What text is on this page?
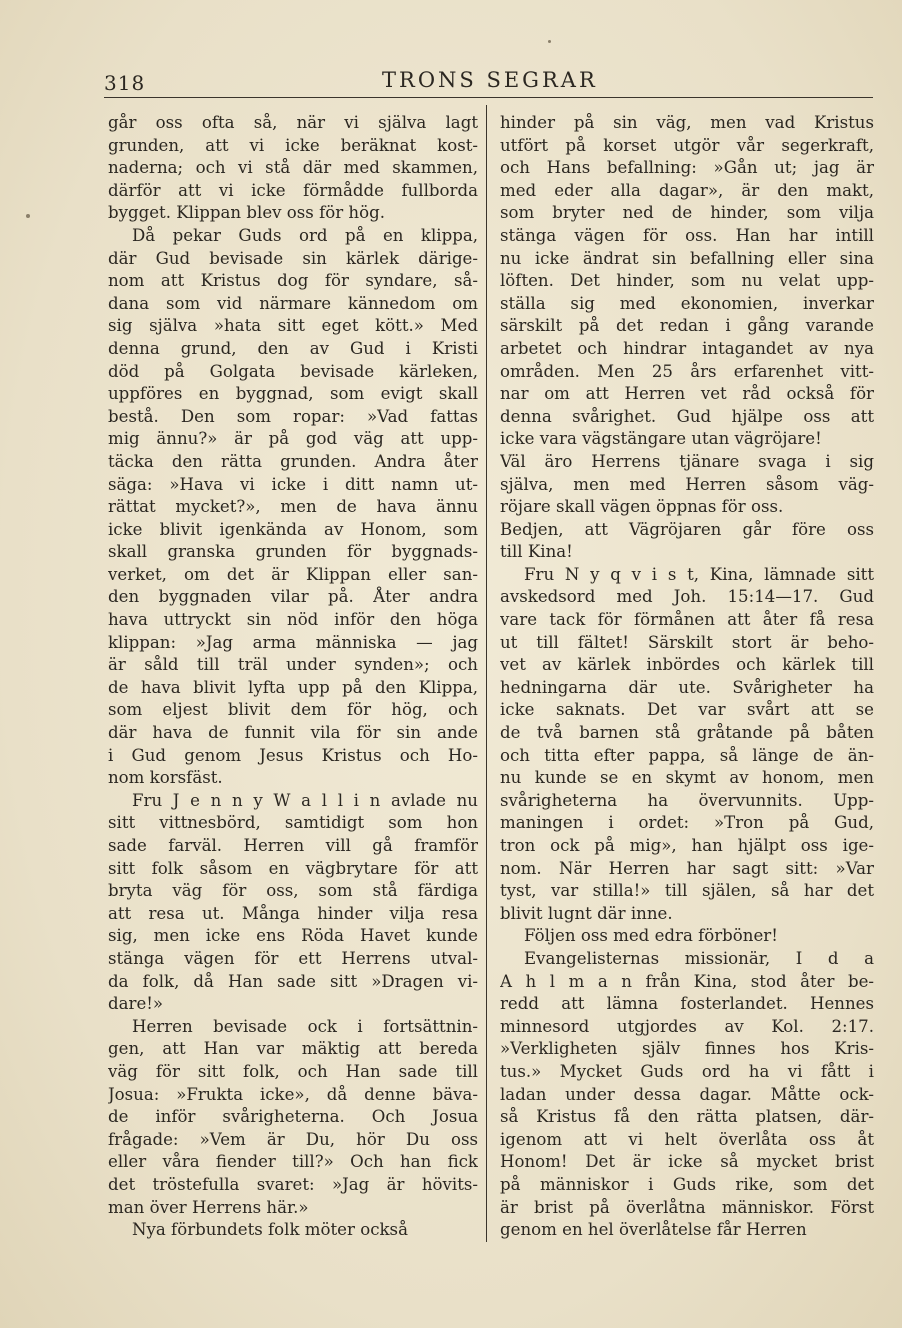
318	TRONS SEGRAR
går oss ofta så, när vi själva lagt
grunden, att vi icke beräknat kost-
naderna; och vi stå där med skammen,
därför att vi icke förmådde fullborda
bygget. Klippan blev oss för hög.
Då pekar Guds ord på en klippa,
där Gud bevisade sin kärlek därige-
nom att Kristus dog för syndare, så-
dana som vid närmare kännedom om
sig själva »hata sitt eget kött.» Med
denna grund, den av Gud i Kristi
död på Golgata bevisade kärleken,
uppföres en byggnad, som evigt skall
bestå. Den som ropar: »Vad fattas
mig ännu?» är på god väg att upp-
täcka den rätta grunden. Andra åter
säga: »Hava vi icke i ditt namn ut-
rättat mycket?», men de hava ännu
icke blivit igenkända av Honom, som
skall granska grunden för byggnads-
verket, om det är Klippan eller san-
den byggnaden vilar på. Åter andra
hava uttryckt sin nöd inför den höga
klippan: »Jag arma människa — jag
är såld till träl under synden»; och
de hava blivit lyfta upp på den Klippa,
som eljest blivit dem för hög, och
där hava de funnit vila för sin ande
i Gud genom Jesus Kristus och Ho-
nom korsfäst.
Fru J e n n y W a l l i n avlade nu
sitt vittnesbörd, samtidigt som hon
sade farväl. Herren vill gå framför
sitt folk såsom en vägbrytare för att
bryta väg för oss, som stå färdiga
att resa ut. Många hinder vilja resa
sig, men icke ens Röda Havet kunde
stänga vägen för ett Herrens utval-
da folk, då Han sade sitt »Dragen vi-
dare!»
Herren bevisade ock i fortsättnin-
gen, att Han var mäktig att bereda
väg för sitt folk, och Han sade till
Josua: »Frukta icke», då denne bäva-
de inför svårigheterna. Och Josua
frågade: »Vem är Du, hör Du oss
eller våra fiender till?» Och han fick
det tröstefulla svaret: »Jag är hövits-
man över Herrens här.»
Nya förbundets folk möter också
hinder på sin väg, men vad Kristus
utfört på korset utgör vår segerkraft,
och Hans befallning: »Gån ut; jag är
med eder alla dagar», är den makt,
som bryter ned de hinder, som vilja
stänga vägen för oss. Han har intill
nu icke ändrat sin befallning eller sina
löften. Det hinder, som nu velat upp-
ställa sig med ekonomien, inverkar
särskilt på det redan i gång varande
arbetet och hindrar intagandet av nya
områden. Men 25 års erfarenhet vitt-
nar om att Herren vet råd också för
denna svårighet. Gud hjälpe oss att
icke vara vägstängare utan vägröjare!
Väl äro Herrens tjänare svaga i sig
själva, men med Herren såsom väg-
röjare skall vägen öppnas för oss.
Bedjen, att Vägröjaren går före oss
till Kina!
Fru N y q v i s t, Kina, lämnade sitt
avskedsord med Joh. 15:14—17. Gud
vare tack för förmånen att åter få resa
ut till fältet! Särskilt stort är beho-
vet av kärlek inbördes och kärlek till
hedningarna där ute. Svårigheter ha
icke saknats. Det var svårt att se
de två barnen stå gråtande på båten
och titta efter pappa, så länge de än-
nu kunde se en skymt av honom, men
svårigheterna ha övervunnits. Upp-
maningen i ordet: »Tron på Gud,
tron ock på mig», han hjälpt oss ige-
nom. När Herren har sagt sitt: »Var
tyst, var stilla!» till själen, så har det
blivit lugnt där inne.
Följen oss med edra förböner!
Evangelisternas missionär, I d a
A h l m a n från Kina, stod åter be-
redd att lämna fosterlandet. Hennes
minnesord utgjordes av Kol. 2:17.
»Verkligheten själv finnes hos Kris-
tus.» Mycket Guds ord ha vi fått i
ladan under dessa dagar. Måtte ock-
så Kristus få den rätta platsen, där-
igenom att vi helt överlåta oss åt
Honom! Det är icke så mycket brist
på människor i Guds rike, som det
är brist på överlåtna människor. Först
genom en hel överlåtelse får Herren
